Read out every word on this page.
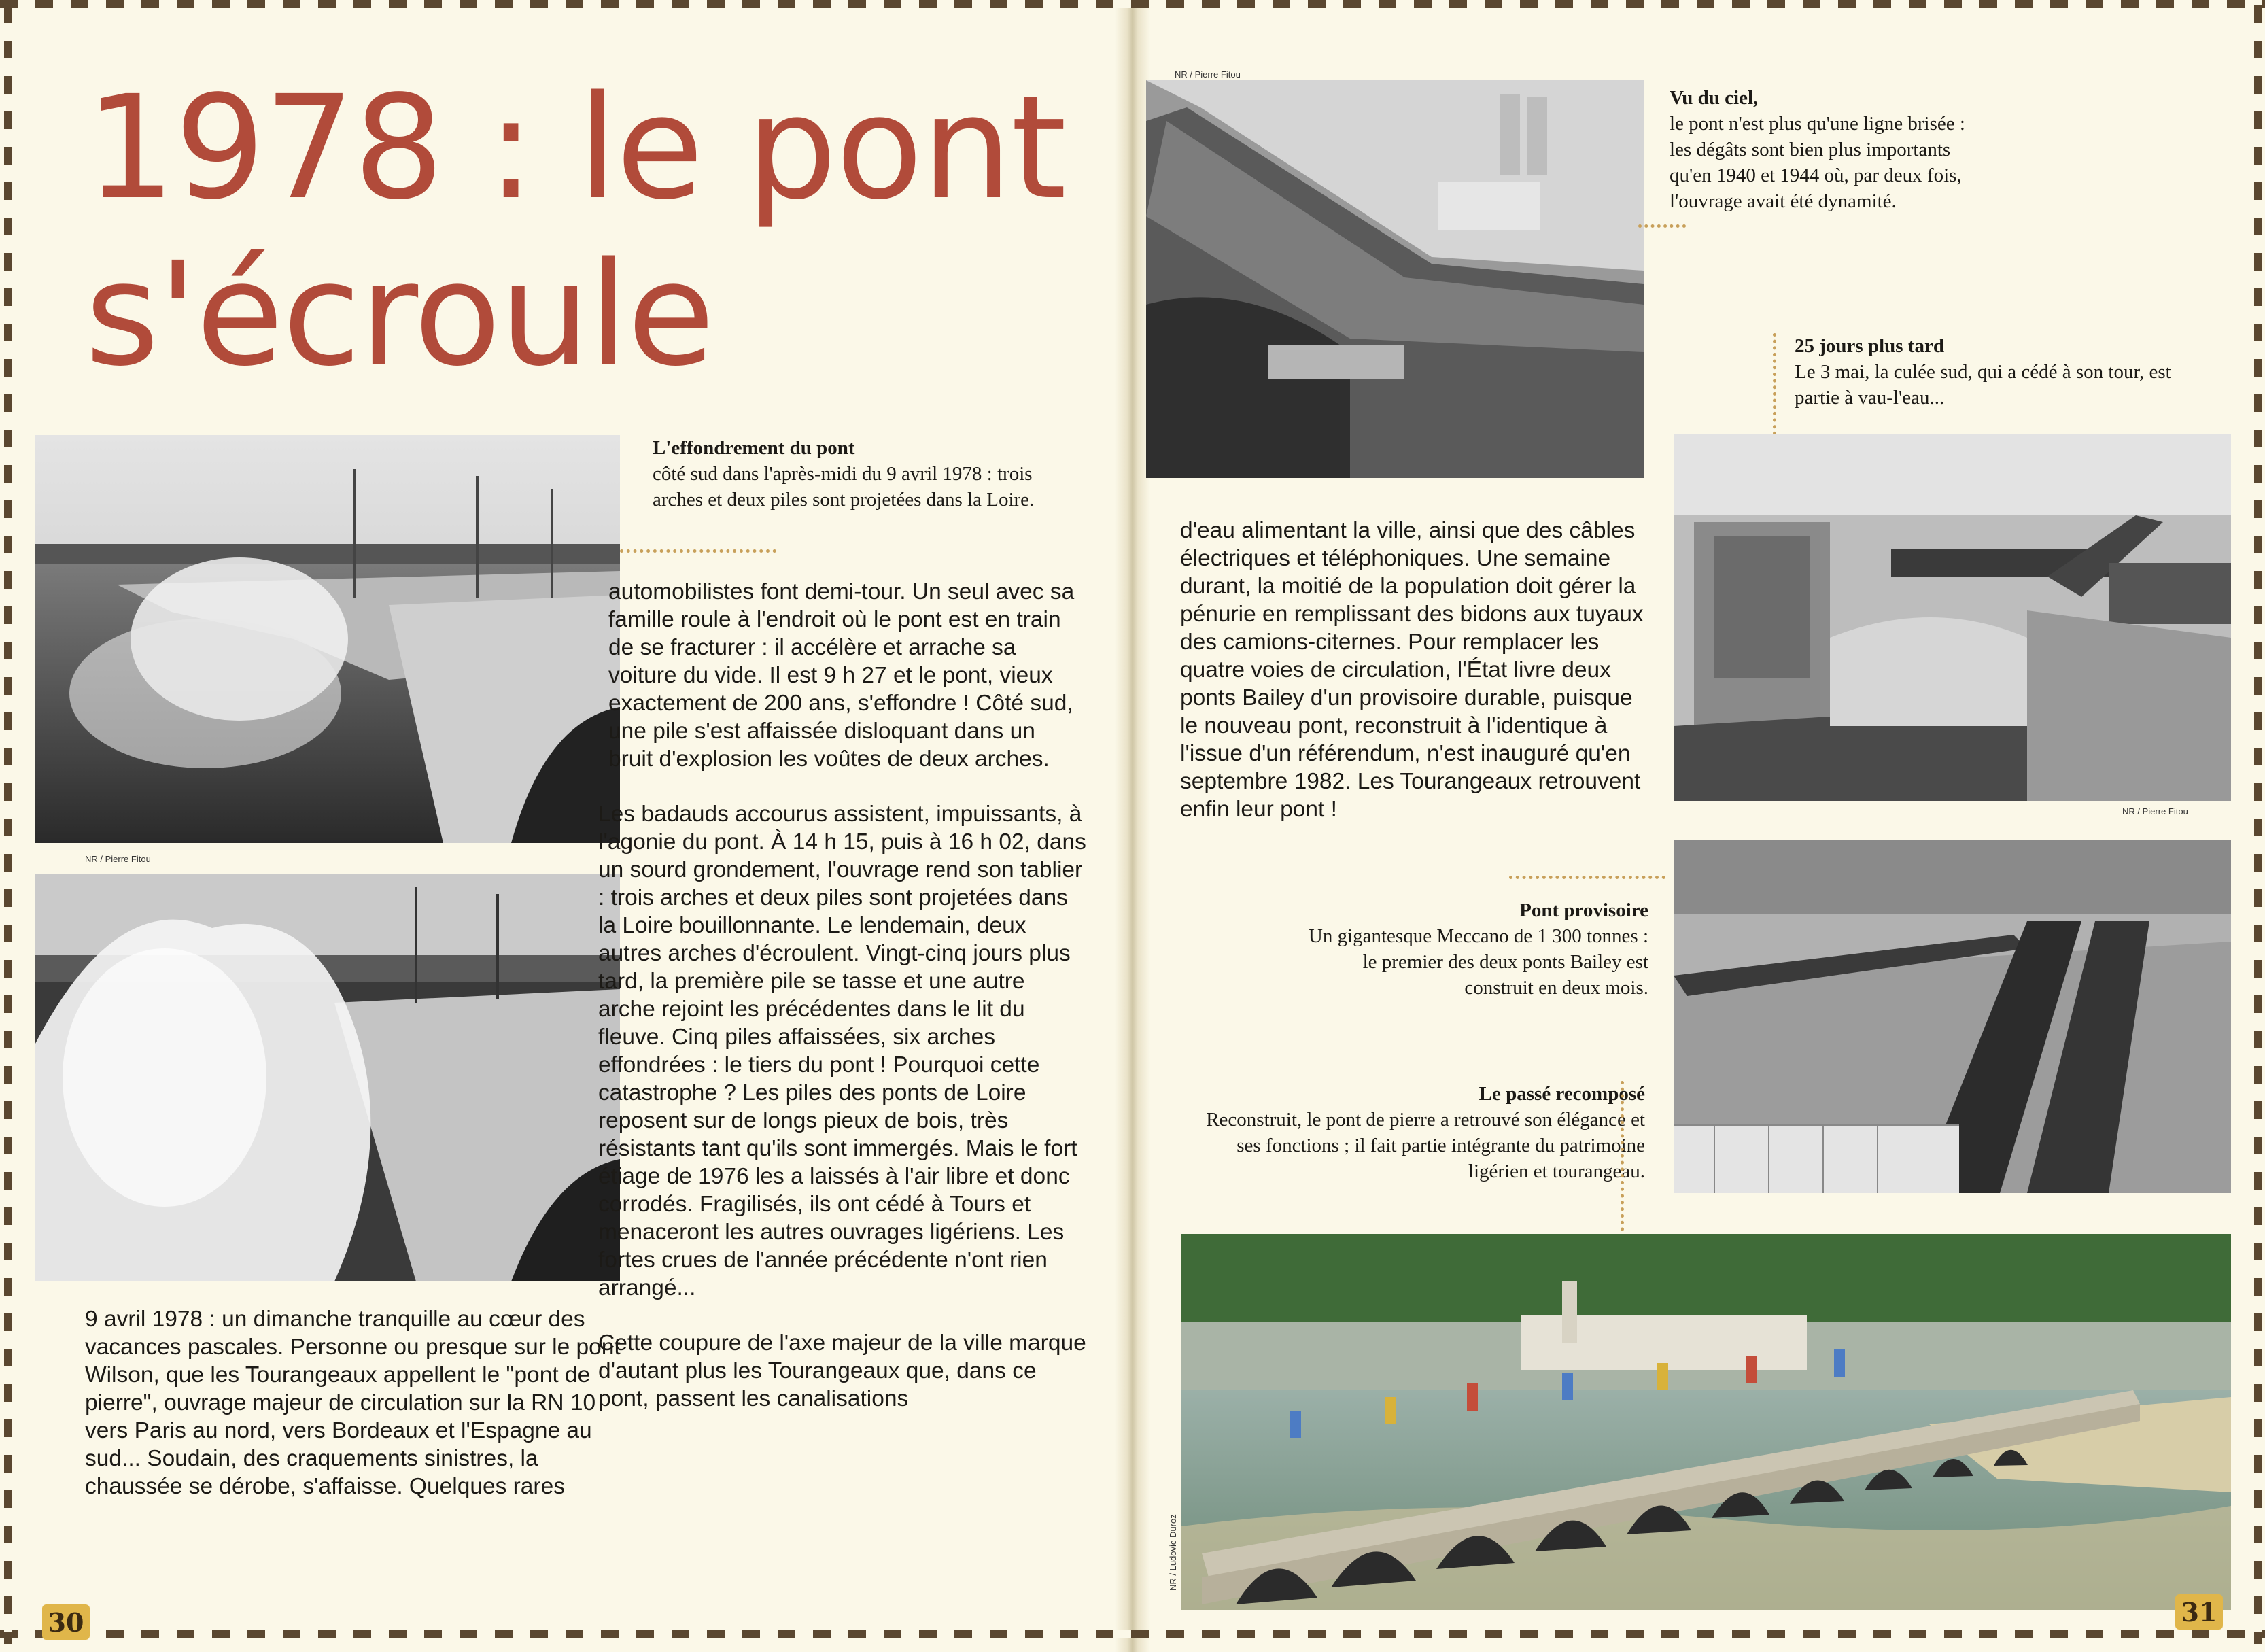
1978 : le pont s'écroule
NR / Pierre Fitou
L'effondrement du pont
côté sud dans l'après-midi du 9 avril 1978 : trois arches et deux piles sont projetées dans la Loire.

9 avril 1978 : un dimanche tranquille au cœur des vacances pascales. Personne ou presque sur le pont Wilson, que les Tourangeaux appellent le "pont de pierre", ouvrage majeur de circulation sur la RN 10 vers Paris au nord, vers Bordeaux et l'Espagne au sud... Soudain, des craquements sinistres, la chaussée se dérobe, s'affaisse. Quelques rares

automobilistes font demi-tour. Un seul avec sa famille roule à l'endroit où le pont est en train de se fracturer : il accélère et arrache sa voiture du vide. Il est 9 h 27 et le pont, vieux exactement de 200 ans, s'effondre ! Côté sud, une pile s'est affaissée disloquant dans un bruit d'explosion les voûtes de deux arches.

Les badauds accourus assistent, impuissants, à l'agonie du pont. À 14 h 15, puis à 16 h 02, dans un sourd grondement, l'ouvrage rend son tablier : trois arches et deux piles sont projetées dans la Loire bouillonnante. Le lendemain, deux autres arches d'écroulent. Vingt-cinq jours plus tard, la première pile se tasse et une autre arche rejoint les précédentes dans le lit du fleuve. Cinq piles affaissées, six arches effondrées : le tiers du pont ! Pourquoi cette catastrophe ? Les piles des ponts de Loire reposent sur de longs pieux de bois, très résistants tant qu'ils sont immergés. Mais le fort étiage de 1976 les a laissés à l'air libre et donc corrodés. Fragilisés, ils ont cédé à Tours et menaceront les autres ouvrages ligériens. Les fortes crues de l'année précédente n'ont rien arrangé...

Cette coupure de l'axe majeur de la ville marque d'autant plus les Tourangeaux que, dans ce pont, passent les canalisations

NR / Pierre Fitou
Vu du ciel,
le pont n'est plus qu'une ligne brisée : les dégâts sont bien plus importants qu'en 1940 et 1944 où, par deux fois, l'ouvrage avait été dynamité.
25 jours plus tard
Le 3 mai, la culée sud, qui a cédé à son tour, est partie à vau-l'eau...
NR / Pierre Fitou

d'eau alimentant la ville, ainsi que des câbles électriques et téléphoniques. Une semaine durant, la moitié de la population doit gérer la pénurie en remplissant des bidons aux tuyaux des camions-citernes. Pour remplacer les quatre voies de circulation, l'État livre deux ponts Bailey d'un provisoire durable, puisque le nouveau pont, reconstruit à l'identique à l'issue d'un référendum, n'est inauguré qu'en septembre 1982. Les Tourangeaux retrouvent enfin leur pont !

Pont provisoire
Un gigantesque Meccano de 1 300 tonnes : le premier des deux ponts Bailey est construit en deux mois.
Le passé recomposé
Reconstruit, le pont de pierre a retrouvé son élégance et ses fonctions ; il fait partie intégrante du patrimoine ligérien et tourangeau.
NR / Ludovic Duroz
30	31
